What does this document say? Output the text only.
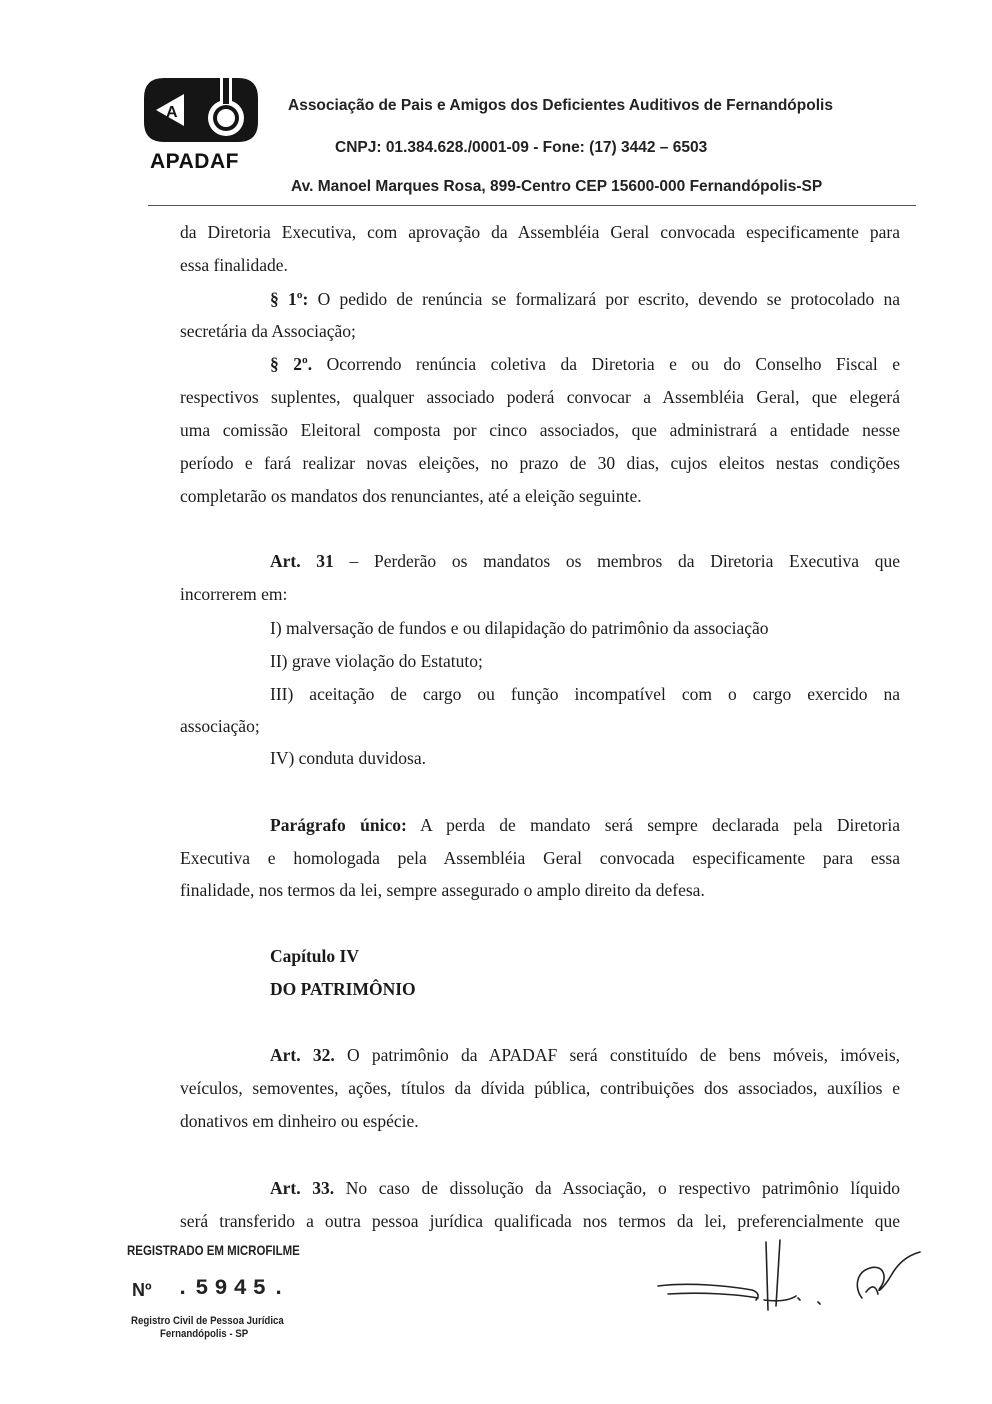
A
APADAF
Associação de Pais e Amigos dos Deficientes Auditivos de Fernandópolis
CNPJ: 01.384.628./0001-09 - Fone: (17) 3442 – 6503
Av. Manoel Marques Rosa, 899-Centro CEP 15600-000 Fernandópolis-SP
da Diretoria Executiva, com aprovação da Assembléia Geral convocada especificamente para
essa finalidade.
§ 1º: O pedido de renúncia se formalizará por escrito, devendo se protocolado na
secretária da Associação;
§ 2º. Ocorrendo renúncia coletiva da Diretoria e ou do Conselho Fiscal e
respectivos suplentes, qualquer associado poderá convocar a Assembléia Geral, que elegerá
uma comissão Eleitoral composta por cinco associados, que administrará a entidade nesse
período e fará realizar novas eleições, no prazo de 30 dias, cujos eleitos nestas condições
completarão os mandatos dos renunciantes, até a eleição seguinte.
Art. 31 – Perderão os mandatos os membros da Diretoria Executiva que
incorrerem em:
I) malversação de fundos e ou dilapidação do patrimônio da associação
II) grave violação do Estatuto;
III) aceitação de cargo ou função incompatível com o cargo exercido na
associação;
IV) conduta duvidosa.
Parágrafo único: A perda de mandato será sempre declarada pela Diretoria
Executiva e homologada pela Assembléia Geral convocada especificamente para essa
finalidade, nos termos da lei, sempre assegurado o amplo direito da defesa.
Capítulo IV
DO PATRIMÔNIO
Art. 32. O patrimônio da APADAF será constituído de bens móveis, imóveis,
veículos, semoventes, ações, títulos da dívida pública, contribuições dos associados, auxílios e
donativos em dinheiro ou espécie.
Art. 33. No caso de dissolução da Associação, o respectivo patrimônio líquido
será transferido a outra pessoa jurídica qualificada nos termos da lei, preferencialmente que
REGISTRADO EM MICROFILME
Nº .5945.
Registro Civil de Pessoa Jurídica
Fernandópolis - SP
